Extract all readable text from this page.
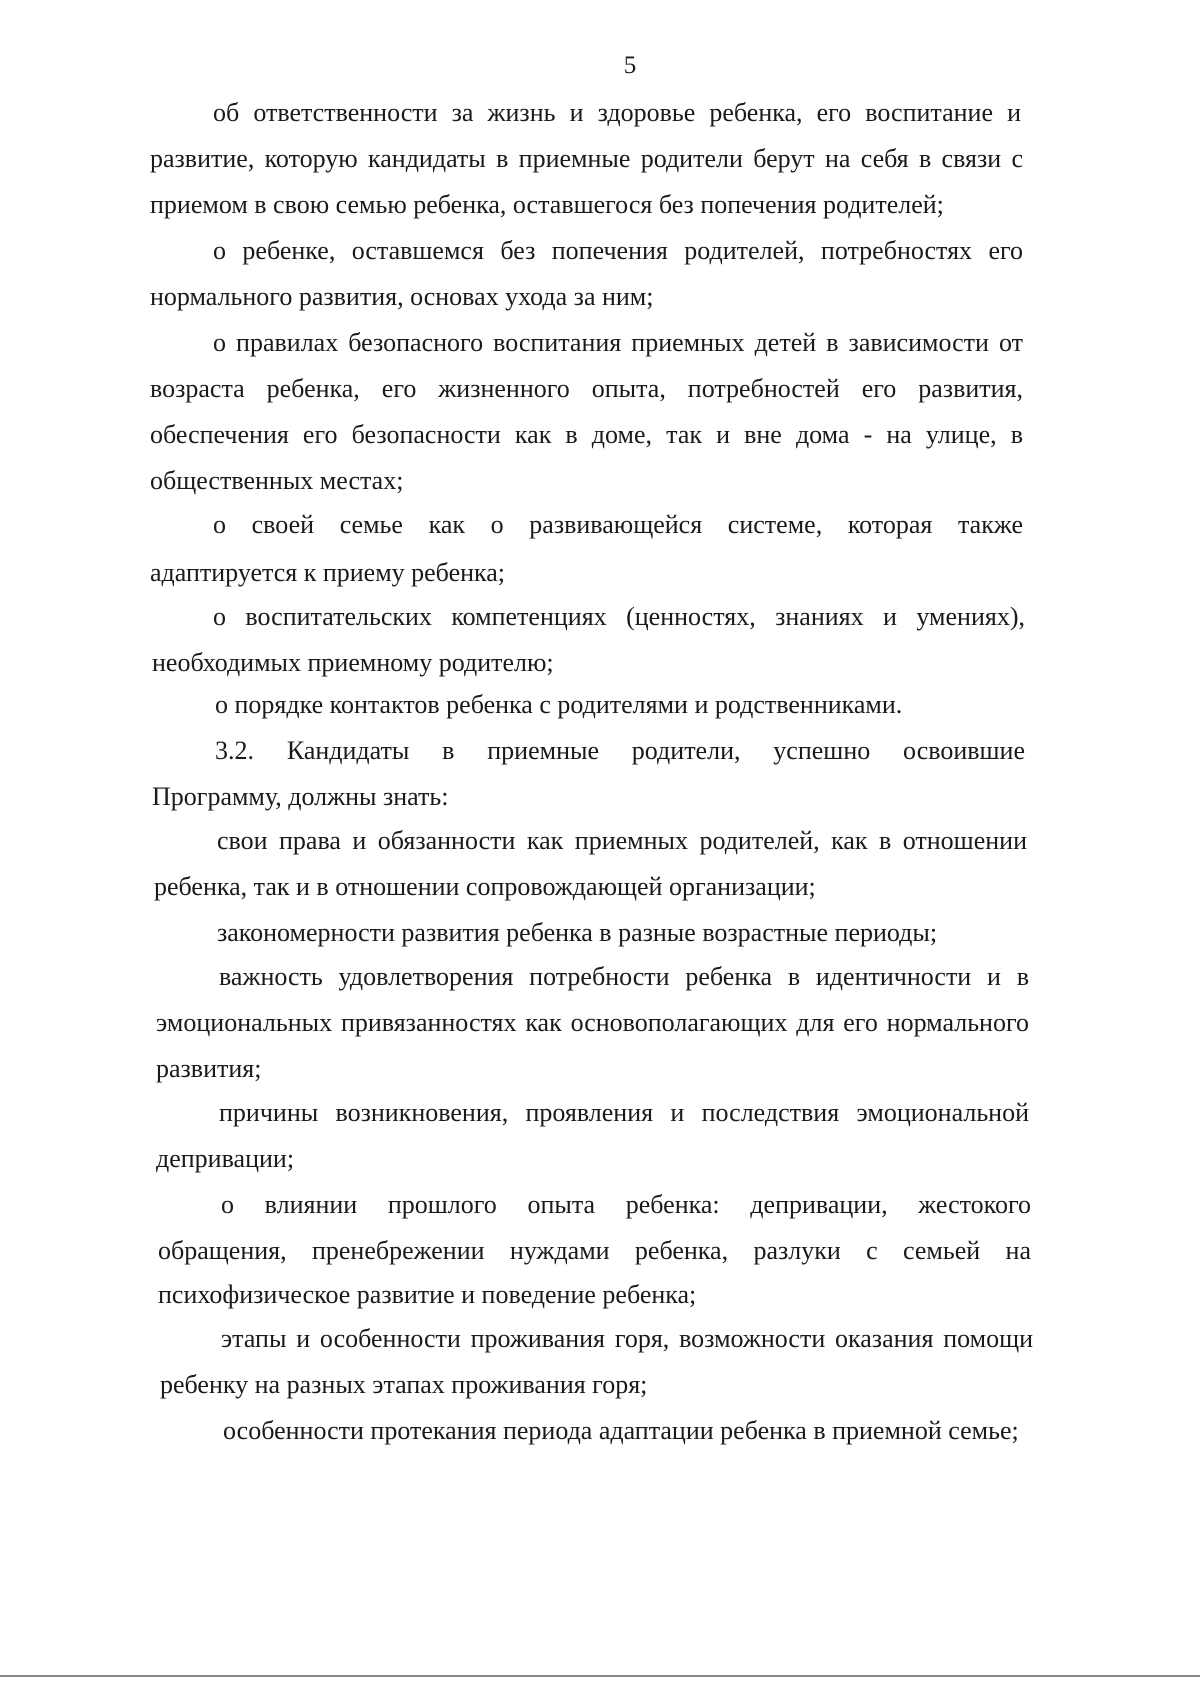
5
об ответственности за жизнь и здоровье ребенка, его воспитание и
развитие, которую кандидаты в приемные родители берут на себя в связи с
приемом в свою семью ребенка, оставшегося без попечения родителей;
о ребенке, оставшемся без попечения родителей, потребностях его
нормального развития, основах ухода за ним;
о правилах безопасного воспитания приемных детей в зависимости от
возраста ребенка, его жизненного опыта, потребностей его развития,
обеспечения его безопасности как в доме, так и вне дома - на улице, в
общественных местах;
о своей семье как о развивающейся системе, которая также
адаптируется к приему ребенка;
о воспитательских компетенциях (ценностях, знаниях и умениях),
необходимых приемному родителю;
о порядке контактов ребенка с родителями и родственниками.
3.2. Кандидаты в приемные родители, успешно освоившие
Программу, должны знать:
свои права и обязанности как приемных родителей, как в отношении
ребенка, так и в отношении сопровождающей организации;
закономерности развития ребенка в разные возрастные периоды;
важность удовлетворения потребности ребенка в идентичности и в
эмоциональных привязанностях как основополагающих для его нормального
развития;
причины возникновения, проявления и последствия эмоциональной
депривации;
о влиянии прошлого опыта ребенка: депривации, жестокого
обращения, пренебрежении нуждами ребенка, разлуки с семьей на
психофизическое развитие и поведение ребенка;
этапы и особенности проживания горя, возможности оказания помощи
ребенку на разных этапах проживания горя;
особенности протекания периода адаптации ребенка в приемной семье;
